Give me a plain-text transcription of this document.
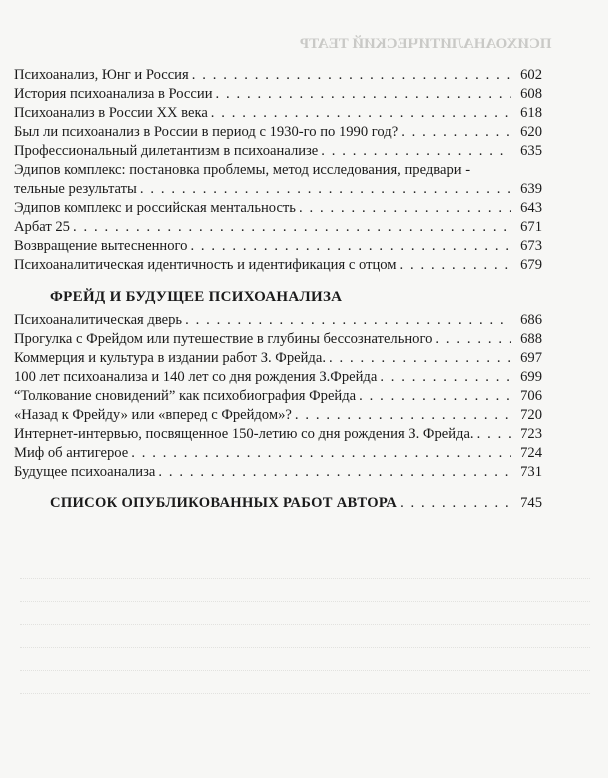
ПСИХОАНАЛИТИЧЕСКИЙ ТЕАТР
Психоанализ, Юнг и Россия . . .	602
История психоанализа в России . . .	608
Психоанализ в России XX века . . .	618
Был ли психоанализ в России в период с 1930-го по 1990 год? . . .	620
Профессиональный дилетантизм в психоанализе . . .	635
Эдипов комплекс: постановка проблемы, метод исследования, предвари -
тельные результаты . . .	639
Эдипов комплекс и российская ментальность . . .	643
Арбат 25 . . .	671
Возвращение вытесненного . . .	673
Психоаналитическая идентичность и идентификация с отцом . . .	679
ФРЕЙД И БУДУЩЕЕ ПСИХОАНАЛИЗА
Психоаналитическая дверь . . .	686
Прогулка с Фрейдом или путешествие в глубины бессознательного . . .	688
Коммерция и культура в издании работ З. Фрейда. . . .	697
100 лет психоанализа и 140 лет со дня рождения З.Фрейда . . .	699
“Толкование сновидений” как психобиография Фрейда . . .	706
«Назад к Фрейду» или «вперед с Фрейдом»? . . .	720
Интернет-интервью, посвященное 150-летию со дня рождения З. Фрейда. . . .	723
Миф об антигерое . . .	724
Будущее психоанализа . . .	731
СПИСОК ОПУБЛИКОВАННЫХ РАБОТ АВТОРА . . .	745
